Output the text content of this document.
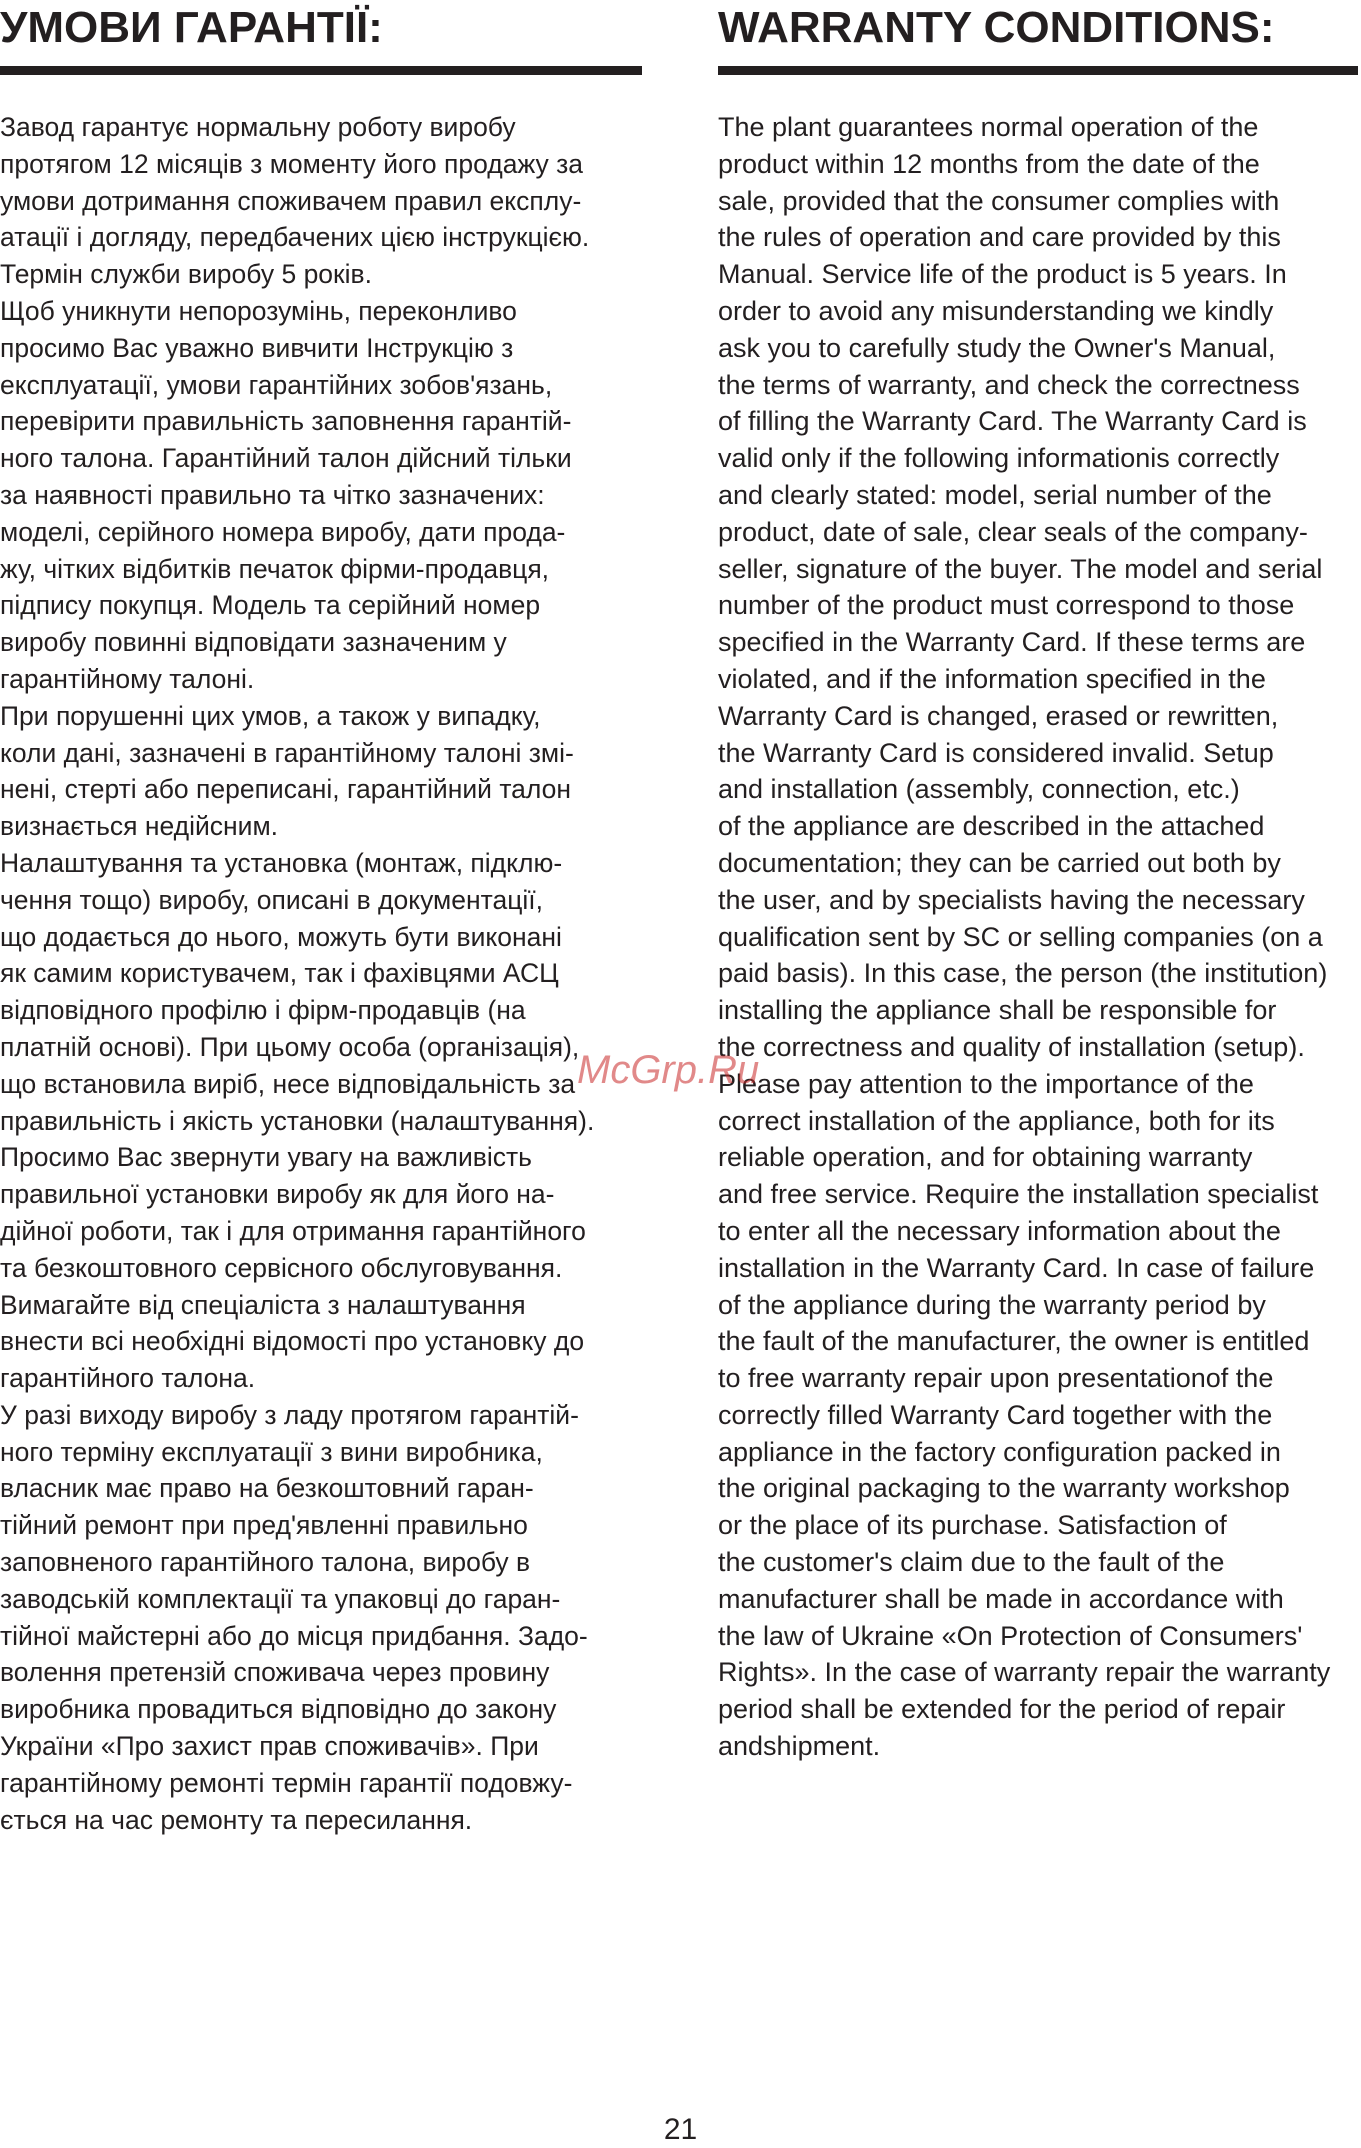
УМОВИ ГАРАНТІЇ:
Завод гарантує нормальну роботу виробу
протягом 12 місяців з моменту його продажу за
умови дотримання споживачем правил експлу-
атації і догляду, передбачених цією інструкцією.
Термін служби виробу 5 років.
Щоб уникнути непорозумінь, переконливо
просимо Вас уважно вивчити Інструкцію з
експлуатації, умови гарантійних зобов'язань,
перевірити правильність заповнення гарантій-
ного талона. Гарантійний талон дійсний тільки
за наявності правильно та чітко зазначених:
моделі, серійного номера виробу, дати прода-
жу, чітких відбитків печаток фірми-продавця,
підпису покупця. Модель та серійний номер
виробу повинні відповідати зазначеним у
гарантійному талоні.
При порушенні цих умов, а також у випадку,
коли дані, зазначені в гарантійному талоні змі-
нені, стерті або переписані, гарантійний талон
визнається недійсним.
Налаштування та установка (монтаж, підклю-
чення тощо) виробу, описані в документації,
що додається до нього, можуть бути виконані
як самим користувачем, так і фахівцями АСЦ
відповідного профілю і фірм-продавців (на
платній основі). При цьому особа (організація),
що встановила виріб, несе відповідальність за
правильність і якість установки (налаштування).
Просимо Вас звернути увагу на важливість
правильної установки виробу як для його на-
дійної роботи, так і для отримання гарантійного
та безкоштовного сервісного обслуговування.
Вимагайте від спеціаліста з налаштування
внести всі необхідні відомості про установку до
гарантійного талона.
У разі виходу виробу з ладу протягом гарантій-
ного терміну експлуатації з вини виробника,
власник має право на безкоштовний гаран-
тійний ремонт при пред'явленні правильно
заповненого гарантійного талона, виробу в
заводській комплектації та упаковці до гаран-
тійної майстерні або до місця придбання. Задо-
волення претензій споживача через провину
виробника провадиться відповідно до закону
України «Про захист прав споживачів». При
гарантійному ремонті термін гарантії подовжу-
ється на час ремонту та пересилання.
WARRANTY CONDITIONS:
The plant guarantees normal operation of the
product within 12 months from the date of the
sale, provided that the consumer complies with
the rules of operation and care provided by this
Manual. Service life of the product is 5 years. In
order to avoid any misunderstanding we kindly
ask you to carefully study the Owner's Manual,
the terms of warranty, and check the correctness
of filling the Warranty Card. The Warranty Card is
valid only if the following informationis correctly
and clearly stated: model, serial number of the
product, date of sale, clear seals of the company-
seller, signature of the buyer. The model and serial
number of the product must correspond to those
specified in the Warranty Card. If these terms are
violated, and if the information specified in the
Warranty Card is changed, erased or rewritten,
the Warranty Card is considered invalid. Setup
and installation (assembly, connection, etc.)
of the appliance are described in the attached
documentation; they can be carried out both by
the user, and by specialists having the necessary
qualification sent by SC or selling companies (on a
paid basis). In this case, the person (the institution)
installing the appliance shall be responsible for
the correctness and quality of installation (setup).
Please pay attention to the importance of the
correct installation of the appliance, both for its
reliable operation, and for obtaining warranty
and free service. Require the installation specialist
to enter all the necessary information about the
installation in the Warranty Card. In case of failure
of the appliance during the warranty period by
the fault of the manufacturer, the owner is entitled
to free warranty repair upon presentationof the
correctly filled Warranty Card together with the
appliance in the factory configuration packed in
the original packaging to the warranty workshop
or the place of its purchase. Satisfaction of
the customer's claim due to the fault of the
manufacturer shall be made in accordance with
the law of Ukraine «On Protection of Consumers'
Rights». In the case of warranty repair the warranty
period shall be extended for the period of repair
andshipment.
McGrp.Ru
21
